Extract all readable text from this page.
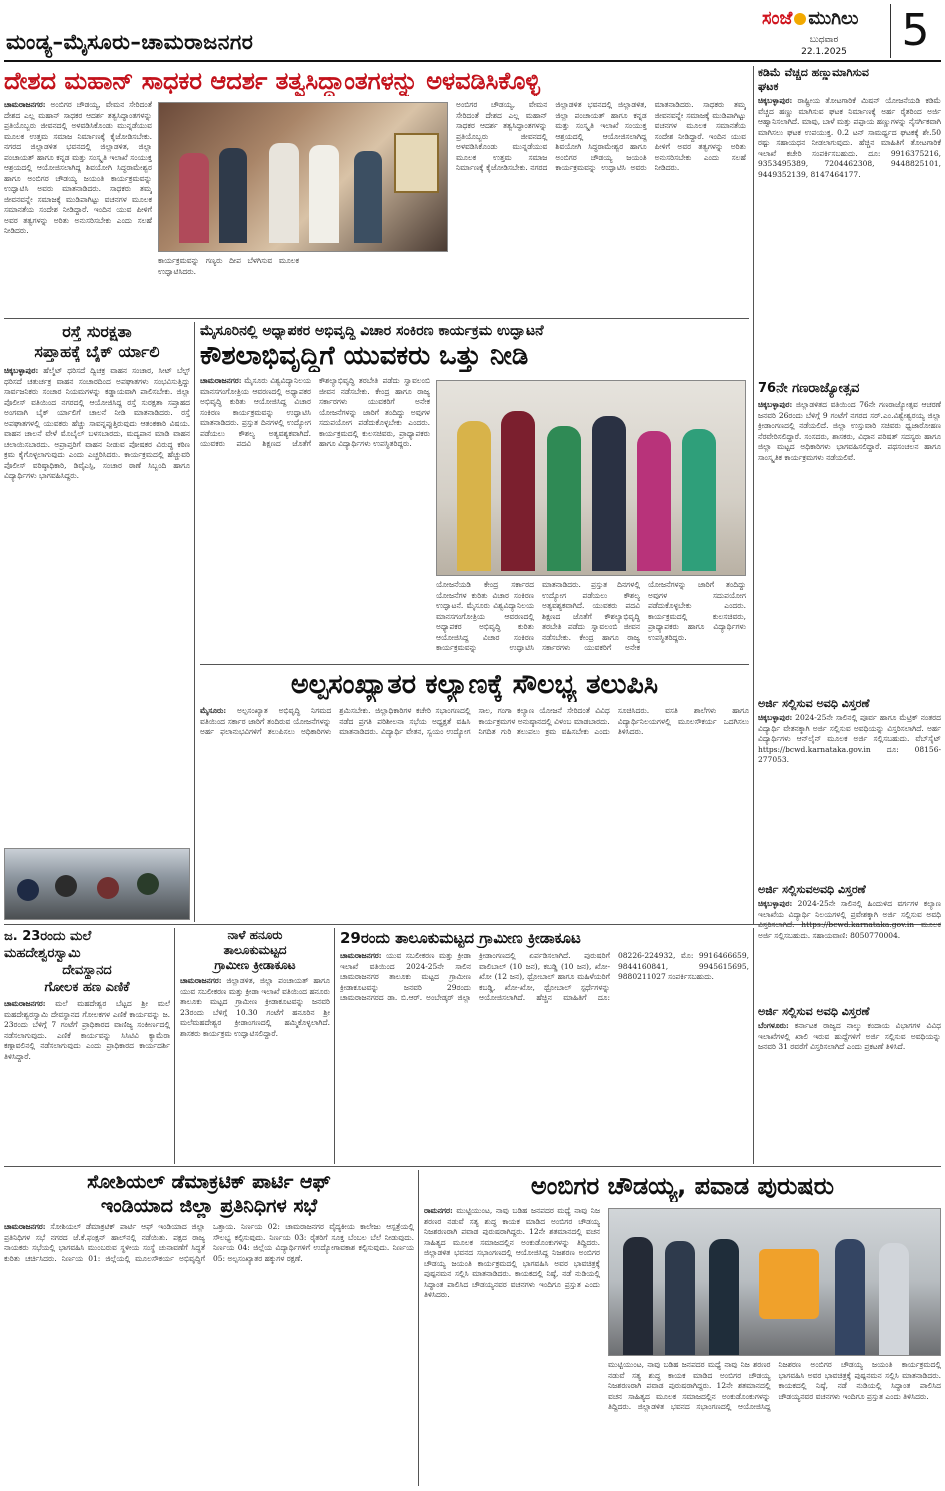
ಮಂಡ್ಯ–ಮೈಸೂರು–ಚಾಮರಾಜನಗರ
ಸಂಜೆ ಮುಗಿಲು
ಬುಧವಾರ
22.1.2025	5
ದೇಶದ ಮಹಾನ್ ಸಾಧಕರ ಆದರ್ಶ ತತ್ವಸಿದ್ದಾಂತಗಳನ್ನು ಅಳವಡಿಸಿಕೊಳ್ಳಿ
ಚಾಮರಾಜನಗರ: ಅಂಬಿಗರ ಚೌಡಯ್ಯ, ವೇಮನ ಸೇರಿದಂತೆ ದೇಶದ ಎಲ್ಲ ಮಹಾನ್ ಸಾಧಕರ ಆದರ್ಶ ತತ್ವಸಿದ್ಧಾಂತಗಳನ್ನು ಪ್ರತಿಯೊಬ್ಬರು ಜೀವನದಲ್ಲಿ ಅಳವಡಿಸಿಕೊಂಡು ಮುನ್ನಡೆಯುವ ಮೂಲಕ ಉತ್ತಮ ಸಮಾಜ ನಿರ್ಮಾಣಕ್ಕೆ ಕೈಜೋಡಿಸಬೇಕು. ನಗರದ ಜಿಲ್ಲಾಡಳಿತ ಭವನದಲ್ಲಿ ಜಿಲ್ಲಾಡಳಿತ, ಜಿಲ್ಲಾ ಪಂಚಾಯತ್ ಹಾಗೂ ಕನ್ನಡ ಮತ್ತು ಸಂಸ್ಕೃತಿ ಇಲಾಖೆ ಸಂಯುಕ್ತ ಆಶ್ರಯದಲ್ಲಿ ಆಯೋಜಿಸಲಾಗಿದ್ದ ಶಿವಯೋಗಿ ಸಿದ್ಧರಾಮೇಶ್ವರ ಹಾಗೂ ಅಂಬಿಗರ ಚೌಡಯ್ಯ ಜಯಂತಿ ಕಾರ್ಯಕ್ರಮವನ್ನು ಉದ್ಘಾಟಿಸಿ ಅವರು ಮಾತನಾಡಿದರು. ಸಾಧಕರು ತಮ್ಮ ಜೀವನವನ್ನೇ ಸಮಾಜಕ್ಕೆ ಮುಡಿಪಾಗಿಟ್ಟು ವಚನಗಳ ಮೂಲಕ ಸಮಾನತೆಯ ಸಂದೇಶ ನೀಡಿದ್ದಾರೆ. ಇಂದಿನ ಯುವ ಪೀಳಿಗೆ ಅವರ ತತ್ವಗಳನ್ನು ಅರಿತು ಅನುಸರಿಸಬೇಕು ಎಂದು ಸಲಹೆ ನೀಡಿದರು.
ಕಾರ್ಯಕ್ರಮವನ್ನು ಗಣ್ಯರು ದೀಪ ಬೆಳಗಿಸುವ ಮೂಲಕ ಉದ್ಘಾಟಿಸಿದರು.
ಅಂಬಿಗರ ಚೌಡಯ್ಯ, ವೇಮನ ಸೇರಿದಂತೆ ದೇಶದ ಎಲ್ಲ ಮಹಾನ್ ಸಾಧಕರ ಆದರ್ಶ ತತ್ವಸಿದ್ಧಾಂತಗಳನ್ನು ಪ್ರತಿಯೊಬ್ಬರು ಜೀವನದಲ್ಲಿ ಅಳವಡಿಸಿಕೊಂಡು ಮುನ್ನಡೆಯುವ ಮೂಲಕ ಉತ್ತಮ ಸಮಾಜ ನಿರ್ಮಾಣಕ್ಕೆ ಕೈಜೋಡಿಸಬೇಕು. ನಗರದ ಜಿಲ್ಲಾಡಳಿತ ಭವನದಲ್ಲಿ ಜಿಲ್ಲಾಡಳಿತ, ಜಿಲ್ಲಾ ಪಂಚಾಯತ್ ಹಾಗೂ ಕನ್ನಡ ಮತ್ತು ಸಂಸ್ಕೃತಿ ಇಲಾಖೆ ಸಂಯುಕ್ತ ಆಶ್ರಯದಲ್ಲಿ ಆಯೋಜಿಸಲಾಗಿದ್ದ ಶಿವಯೋಗಿ ಸಿದ್ಧರಾಮೇಶ್ವರ ಹಾಗೂ ಅಂಬಿಗರ ಚೌಡಯ್ಯ ಜಯಂತಿ ಕಾರ್ಯಕ್ರಮವನ್ನು ಉದ್ಘಾಟಿಸಿ ಅವರು ಮಾತನಾಡಿದರು. ಸಾಧಕರು ತಮ್ಮ ಜೀವನವನ್ನೇ ಸಮಾಜಕ್ಕೆ ಮುಡಿಪಾಗಿಟ್ಟು ವಚನಗಳ ಮೂಲಕ ಸಮಾನತೆಯ ಸಂದೇಶ ನೀಡಿದ್ದಾರೆ. ಇಂದಿನ ಯುವ ಪೀಳಿಗೆ ಅವರ ತತ್ವಗಳನ್ನು ಅರಿತು ಅನುಸರಿಸಬೇಕು ಎಂದು ಸಲಹೆ ನೀಡಿದರು.
ರಸ್ತೆ ಸುರಕ್ಷತಾ
ಸಪ್ತಾಹಕ್ಕೆ ಬೈಕ್ ರ್ಯಾಲಿ
ಚಿಕ್ಕಬಳ್ಳಾಪುರ: ಹೆಲ್ಮೆಟ್ ಧರಿಸದೆ ದ್ವಿಚಕ್ರ ವಾಹನ ಸಂಚಾರ, ಸೀಟ್ ಬೆಲ್ಟ್ ಧರಿಸದೆ ಚತುರ್ಚಕ್ರ ವಾಹನ ಸಂಚಾರದಿಂದ ಅಪಘಾತಗಳು ಸಂಭವಿಸುತ್ತಿದ್ದು ಸಾರ್ವಜನಿಕರು ಸಂಚಾರ ನಿಯಮಗಳನ್ನು ಕಡ್ಡಾಯವಾಗಿ ಪಾಲಿಸಬೇಕು. ಜಿಲ್ಲಾ ಪೊಲೀಸ್ ವತಿಯಿಂದ ನಗರದಲ್ಲಿ ಆಯೋಜಿಸಿದ್ದ ರಸ್ತೆ ಸುರಕ್ಷತಾ ಸಪ್ತಾಹದ ಅಂಗವಾಗಿ ಬೈಕ್ ರ್ಯಾಲಿಗೆ ಚಾಲನೆ ನೀಡಿ ಮಾತನಾಡಿದರು. ರಸ್ತೆ ಅಪಘಾತಗಳಲ್ಲಿ ಯುವಕರು ಹೆಚ್ಚು ಸಾವನ್ನಪ್ಪುತ್ತಿರುವುದು ಆತಂಕಕಾರಿ ವಿಷಯ. ವಾಹನ ಚಾಲನೆ ವೇಳೆ ಮೊಬೈಲ್ ಬಳಸಬಾರದು, ಮದ್ಯಪಾನ ಮಾಡಿ ವಾಹನ ಚಲಾಯಿಸಬಾರದು. ಅಪ್ರಾಪ್ತರಿಗೆ ವಾಹನ ನೀಡುವ ಪೋಷಕರ ವಿರುದ್ಧ ಕಠಿಣ ಕ್ರಮ ಕೈಗೊಳ್ಳಲಾಗುವುದು ಎಂದು ಎಚ್ಚರಿಸಿದರು. ಕಾರ್ಯಕ್ರಮದಲ್ಲಿ ಹೆಚ್ಚುವರಿ ಪೊಲೀಸ್ ವರಿಷ್ಠಾಧಿಕಾರಿ, ಡಿವೈಎಸ್ಪಿ, ಸಂಚಾರ ಠಾಣೆ ಸಿಬ್ಬಂದಿ ಹಾಗೂ ವಿದ್ಯಾರ್ಥಿಗಳು ಭಾಗವಹಿಸಿದ್ದರು.
ಮೈಸೂರಿನಲ್ಲಿ ಅಧ್ಯಾಪಕರ ಅಭಿವೃದ್ಧಿ ವಿಚಾರ ಸಂಕಿರಣ ಕಾರ್ಯಕ್ರಮ ಉದ್ಘಾಟನೆ
ಕೌಶಲಾಭಿವೃದ್ಧಿಗೆ ಯುವಕರು ಒತ್ತು ನೀಡಿ
ಚಾಮರಾಜನಗರ: ಮೈಸೂರು ವಿಶ್ವವಿದ್ಯಾನಿಲಯ ಮಾನಸಗಂಗೋತ್ರಿಯ ಆವರಣದಲ್ಲಿ ಅಧ್ಯಾಪಕರ ಅಭಿವೃದ್ಧಿ ಕುರಿತು ಆಯೋಜಿಸಿದ್ದ ವಿಚಾರ ಸಂಕಿರಣ ಕಾರ್ಯಕ್ರಮವನ್ನು ಉದ್ಘಾಟಿಸಿ ಮಾತನಾಡಿದರು. ಪ್ರಸ್ತುತ ದಿನಗಳಲ್ಲಿ ಉದ್ಯೋಗ ಪಡೆಯಲು ಕೌಶಲ್ಯ ಅತ್ಯವಶ್ಯಕವಾಗಿದೆ. ಯುವಕರು ಪದವಿ ಶಿಕ್ಷಣದ ಜೊತೆಗೆ ಕೌಶಲ್ಯಾಭಿವೃದ್ಧಿ ತರಬೇತಿ ಪಡೆದು ಸ್ವಾವಲಂಬಿ ಜೀವನ ನಡೆಸಬೇಕು. ಕೇಂದ್ರ ಹಾಗೂ ರಾಜ್ಯ ಸರ್ಕಾರಗಳು ಯುವಕರಿಗೆ ಅನೇಕ ಯೋಜನೆಗಳನ್ನು ಜಾರಿಗೆ ತಂದಿದ್ದು ಅವುಗಳ ಸದುಪಯೋಗ ಪಡೆದುಕೊಳ್ಳಬೇಕು ಎಂದರು. ಕಾರ್ಯಕ್ರಮದಲ್ಲಿ ಕುಲಸಚಿವರು, ಪ್ರಾಧ್ಯಾಪಕರು ಹಾಗೂ ವಿದ್ಯಾರ್ಥಿಗಳು ಉಪಸ್ಥಿತರಿದ್ದರು.
ಯೋಜನೆಯಡಿ ಕೇಂದ್ರ ಸರ್ಕಾರದ ಯೋಜನೆಗಳ ಕುರಿತು ವಿಚಾರ ಸಂಕಿರಣ ಉದ್ಘಾಟನೆ. ಮೈಸೂರು ವಿಶ್ವವಿದ್ಯಾನಿಲಯ ಮಾನಸಗಂಗೋತ್ರಿಯ ಆವರಣದಲ್ಲಿ ಅಧ್ಯಾಪಕರ ಅಭಿವೃದ್ಧಿ ಕುರಿತು ಆಯೋಜಿಸಿದ್ದ ವಿಚಾರ ಸಂಕಿರಣ ಕಾರ್ಯಕ್ರಮವನ್ನು ಉದ್ಘಾಟಿಸಿ ಮಾತನಾಡಿದರು. ಪ್ರಸ್ತುತ ದಿನಗಳಲ್ಲಿ ಉದ್ಯೋಗ ಪಡೆಯಲು ಕೌಶಲ್ಯ ಅತ್ಯವಶ್ಯಕವಾಗಿದೆ. ಯುವಕರು ಪದವಿ ಶಿಕ್ಷಣದ ಜೊತೆಗೆ ಕೌಶಲ್ಯಾಭಿವೃದ್ಧಿ ತರಬೇತಿ ಪಡೆದು ಸ್ವಾವಲಂಬಿ ಜೀವನ ನಡೆಸಬೇಕು. ಕೇಂದ್ರ ಹಾಗೂ ರಾಜ್ಯ ಸರ್ಕಾರಗಳು ಯುವಕರಿಗೆ ಅನೇಕ ಯೋಜನೆಗಳನ್ನು ಜಾರಿಗೆ ತಂದಿದ್ದು ಅವುಗಳ ಸದುಪಯೋಗ ಪಡೆದುಕೊಳ್ಳಬೇಕು ಎಂದರು. ಕಾರ್ಯಕ್ರಮದಲ್ಲಿ ಕುಲಸಚಿವರು, ಪ್ರಾಧ್ಯಾಪಕರು ಹಾಗೂ ವಿದ್ಯಾರ್ಥಿಗಳು ಉಪಸ್ಥಿತರಿದ್ದರು.
ಅಲ್ಪಸಂಖ್ಯಾತರ ಕಲ್ಯಾಣಕ್ಕೆ ಸೌಲಭ್ಯ ತಲುಪಿಸಿ
ಮೈಸೂರು: ಅಲ್ಪಸಂಖ್ಯಾತ ಅಭಿವೃದ್ಧಿ ನಿಗಮದ ವತಿಯಿಂದ ಸರ್ಕಾರ ಜಾರಿಗೆ ತಂದಿರುವ ಯೋಜನೆಗಳನ್ನು ಅರ್ಹ ಫಲಾನುಭವಿಗಳಿಗೆ ತಲುಪಿಸಲು ಅಧಿಕಾರಿಗಳು ಶ್ರಮಿಸಬೇಕು. ಜಿಲ್ಲಾಧಿಕಾರಿಗಳ ಕಚೇರಿ ಸಭಾಂಗಣದಲ್ಲಿ ನಡೆದ ಪ್ರಗತಿ ಪರಿಶೀಲನಾ ಸಭೆಯ ಅಧ್ಯಕ್ಷತೆ ವಹಿಸಿ ಮಾತನಾಡಿದರು. ವಿದ್ಯಾರ್ಥಿ ವೇತನ, ಸ್ವಯಂ ಉದ್ಯೋಗ ಸಾಲ, ಗಂಗಾ ಕಲ್ಯಾಣ ಯೋಜನೆ ಸೇರಿದಂತೆ ವಿವಿಧ ಕಾರ್ಯಕ್ರಮಗಳ ಅನುಷ್ಠಾನದಲ್ಲಿ ವಿಳಂಬ ಮಾಡಬಾರದು. ನಿಗದಿತ ಗುರಿ ತಲುಪಲು ಕ್ರಮ ವಹಿಸಬೇಕು ಎಂದು ಸೂಚಿಸಿದರು. ವಸತಿ ಶಾಲೆಗಳು ಹಾಗೂ ವಿದ್ಯಾರ್ಥಿನಿಲಯಗಳಲ್ಲಿ ಮೂಲಸೌಕರ್ಯ ಒದಗಿಸಲು ತಿಳಿಸಿದರು.
ಕಡಿಮೆ ವೆಚ್ಚದ ಹಣ್ಣುಮಾಗಿಸುವ
ಘಟಕ
ಚಿಕ್ಕಬಳ್ಳಾಪುರ: ರಾಷ್ಟ್ರೀಯ ತೋಟಗಾರಿಕೆ ಮಿಷನ್ ಯೋಜನೆಯಡಿ ಕಡಿಮೆ ವೆಚ್ಚದ ಹಣ್ಣು ಮಾಗಿಸುವ ಘಟಕ ನಿರ್ಮಾಣಕ್ಕೆ ಅರ್ಹ ರೈತರಿಂದ ಅರ್ಜಿ ಆಹ್ವಾನಿಸಲಾಗಿದೆ. ಮಾವು, ಬಾಳೆ ಮತ್ತು ಪಪ್ಪಾಯ ಹಣ್ಣುಗಳನ್ನು ನೈಸರ್ಗಿಕವಾಗಿ ಮಾಗಿಸಲು ಘಟಕ ಉಪಯುಕ್ತ. 0.2 ಟನ್ ಸಾಮರ್ಥ್ಯದ ಘಟಕಕ್ಕೆ ಶೇ.50 ರಷ್ಟು ಸಹಾಯಧನ ನೀಡಲಾಗುವುದು. ಹೆಚ್ಚಿನ ಮಾಹಿತಿಗೆ ತೋಟಗಾರಿಕೆ ಇಲಾಖೆ ಕಚೇರಿ ಸಂಪರ್ಕಿಸಬಹುದು. ದೂ: 9916375216, 9353495389, 7204462308, 9448825101, 9449352139, 8147464177.
76ನೇ ಗಣರಾಜ್ಯೋತ್ಸವ
ಚಿಕ್ಕಬಳ್ಳಾಪುರ: ಜಿಲ್ಲಾಡಳಿತದ ವತಿಯಿಂದ 76ನೇ ಗಣರಾಜ್ಯೋತ್ಸವ ಆಚರಣೆ ಜನವರಿ 26ರಂದು ಬೆಳಿಗ್ಗೆ 9 ಗಂಟೆಗೆ ನಗರದ ಸರ್.ಎಂ.ವಿಶ್ವೇಶ್ವರಯ್ಯ ಜಿಲ್ಲಾ ಕ್ರೀಡಾಂಗಣದಲ್ಲಿ ನಡೆಯಲಿದೆ. ಜಿಲ್ಲಾ ಉಸ್ತುವಾರಿ ಸಚಿವರು ಧ್ವಜಾರೋಹಣ ನೆರವೇರಿಸಲಿದ್ದಾರೆ. ಸಂಸದರು, ಶಾಸಕರು, ವಿಧಾನ ಪರಿಷತ್ ಸದಸ್ಯರು ಹಾಗೂ ಜಿಲ್ಲಾ ಮಟ್ಟದ ಅಧಿಕಾರಿಗಳು ಭಾಗವಹಿಸಲಿದ್ದಾರೆ. ಪಥಸಂಚಲನ ಹಾಗೂ ಸಾಂಸ್ಕೃತಿಕ ಕಾರ್ಯಕ್ರಮಗಳು ನಡೆಯಲಿವೆ.
ಅರ್ಜಿ ಸಲ್ಲಿಸುವ ಅವಧಿ ವಿಸ್ತರಣೆ
ಚಿಕ್ಕಬಳ್ಳಾಪುರ: 2024-25ನೇ ಸಾಲಿನಲ್ಲಿ ಪೂರ್ವ ಹಾಗೂ ಮೆಟ್ರಿಕ್ ನಂತರದ ವಿದ್ಯಾರ್ಥಿ ವೇತನಕ್ಕಾಗಿ ಅರ್ಜಿ ಸಲ್ಲಿಸುವ ಅವಧಿಯನ್ನು ವಿಸ್ತರಿಸಲಾಗಿದೆ. ಅರ್ಹ ವಿದ್ಯಾರ್ಥಿಗಳು ಆನ್‌ಲೈನ್ ಮೂಲಕ ಅರ್ಜಿ ಸಲ್ಲಿಸಬಹುದು. ವೆಬ್‌ಸೈಟ್ https://bcwd.karnataka.gov.in ದೂ: 08156-277053.
ಜ. 23ರಂದು ಮಲೆ
ಮಹದೇಶ್ವರಸ್ವಾಮಿ
ದೇವಸ್ಥಾನದ
ಗೋಲಕ ಹಣ ಎಣಿಕೆ
ಚಾಮರಾಜನಗರ: ಮಲೆ ಮಹದೇಶ್ವರ ಬೆಟ್ಟದ ಶ್ರೀ ಮಲೆ ಮಹದೇಶ್ವರಸ್ವಾಮಿ ದೇವಸ್ಥಾನದ ಗೋಲಕಗಳ ಎಣಿಕೆ ಕಾರ್ಯವನ್ನು ಜ. 23ರಂದು ಬೆಳಿಗ್ಗೆ 7 ಗಂಟೆಗೆ ಪ್ರಾಧಿಕಾರದ ವಾಣಿಜ್ಯ ಸಂಕೀರ್ಣದಲ್ಲಿ ನಡೆಸಲಾಗುವುದು. ಎಣಿಕೆ ಕಾರ್ಯವನ್ನು ಸಿಸಿಟಿವಿ ಕ್ಯಾಮೆರಾ ಕಣ್ಗಾವಲಿನಲ್ಲಿ ನಡೆಸಲಾಗುವುದು ಎಂದು ಪ್ರಾಧಿಕಾರದ ಕಾರ್ಯದರ್ಶಿ ತಿಳಿಸಿದ್ದಾರೆ.
ನಾಳೆ ಹನೂರು
ತಾಲೂಕುಮಟ್ಟದ
ಗ್ರಾಮೀಣ ಕ್ರೀಡಾಕೂಟ
ಚಾಮರಾಜನಗರ: ಜಿಲ್ಲಾಡಳಿತ, ಜಿಲ್ಲಾ ಪಂಚಾಯತ್ ಹಾಗೂ ಯುವ ಸಬಲೀಕರಣ ಮತ್ತು ಕ್ರೀಡಾ ಇಲಾಖೆ ವತಿಯಿಂದ ಹನೂರು ತಾಲೂಕು ಮಟ್ಟದ ಗ್ರಾಮೀಣ ಕ್ರೀಡಾಕೂಟವನ್ನು ಜನವರಿ 23ರಂದು ಬೆಳಿಗ್ಗೆ 10.30 ಗಂಟೆಗೆ ಹನೂರಿನ ಶ್ರೀ ಮಲೆಮಹದೇಶ್ವರ ಕ್ರೀಡಾಂಗಣದಲ್ಲಿ ಹಮ್ಮಿಕೊಳ್ಳಲಾಗಿದೆ. ಶಾಸಕರು ಕಾರ್ಯಕ್ರಮ ಉದ್ಘಾಟಿಸಲಿದ್ದಾರೆ.
29ರಂದು ತಾಲೂಕುಮಟ್ಟದ ಗ್ರಾಮೀಣ ಕ್ರೀಡಾಕೂಟ
ಚಾಮರಾಜನಗರ: ಯುವ ಸಬಲೀಕರಣ ಮತ್ತು ಕ್ರೀಡಾ ಇಲಾಖೆ ವತಿಯಿಂದ 2024-25ನೇ ಸಾಲಿನ ಚಾಮರಾಜನಗರ ತಾಲೂಕು ಮಟ್ಟದ ಗ್ರಾಮೀಣ ಕ್ರೀಡಾಕೂಟವನ್ನು ಜನವರಿ 29ರಂದು ಚಾಮರಾಜನಗರದ ಡಾ. ಬಿ.ಆರ್. ಅಂಬೇಡ್ಕರ್ ಜಿಲ್ಲಾ ಕ್ರೀಡಾಂಗಣದಲ್ಲಿ ಏರ್ಪಡಿಸಲಾಗಿದೆ. ಪುರುಷರಿಗೆ ವಾಲಿಬಾಲ್ (10 ಜನ), ಕಬಡ್ಡಿ (10 ಜನ), ಖೋ-ಖೋ (12 ಜನ), ಥ್ರೋಬಾಲ್ ಹಾಗೂ ಮಹಿಳೆಯರಿಗೆ ಕಬಡ್ಡಿ, ಖೋ-ಖೋ, ಥ್ರೋಬಾಲ್ ಸ್ಪರ್ಧೆಗಳನ್ನು ಆಯೋಜಿಸಲಾಗಿದೆ. ಹೆಚ್ಚಿನ ಮಾಹಿತಿಗೆ ದೂ: 08226-224932, ಮೊ: 9916466659, 9844160841, 9945615695, 9880211027 ಸಂಪರ್ಕಿಸಬಹುದು.
ಅರ್ಜಿ ಸಲ್ಲಿಸುವಅವಧಿ ವಿಸ್ತರಣೆ
ಚಿಕ್ಕಬಳ್ಳಾಪುರ: 2024-25ನೇ ಸಾಲಿನಲ್ಲಿ ಹಿಂದುಳಿದ ವರ್ಗಗಳ ಕಲ್ಯಾಣ ಇಲಾಖೆಯ ವಿದ್ಯಾರ್ಥಿ ನಿಲಯಗಳಲ್ಲಿ ಪ್ರವೇಶಕ್ಕಾಗಿ ಅರ್ಜಿ ಸಲ್ಲಿಸುವ ಅವಧಿ ವಿಸ್ತರಿಸಲಾಗಿದೆ. https://bcwd.karnataka.gov.in ಮೂಲಕ ಅರ್ಜಿ ಸಲ್ಲಿಸಬಹುದು. ಸಹಾಯವಾಣಿ: 8050770004.
ಅರ್ಜಿ ಸಲ್ಲಿಸುವ ಅವಧಿ ವಿಸ್ತರಣೆ
ಬೆಂಗಳೂರು: ಕರ್ನಾಟಕ ರಾಜ್ಯದ ನಾಲ್ಕು ಕಂದಾಯ ವಿಭಾಗಗಳ ವಿವಿಧ ಇಲಾಖೆಗಳಲ್ಲಿ ಖಾಲಿ ಇರುವ ಹುದ್ದೆಗಳಿಗೆ ಅರ್ಜಿ ಸಲ್ಲಿಸುವ ಅವಧಿಯನ್ನು ಜನವರಿ 31 ರವರೆಗೆ ವಿಸ್ತರಿಸಲಾಗಿದೆ ಎಂದು ಪ್ರಕಟಣೆ ತಿಳಿಸಿದೆ.
ಸೋಶಿಯಲ್ ಡೆಮಾಕ್ರಟಿಕ್ ಪಾರ್ಟಿ ಆಫ್
ಇಂಡಿಯಾದ ಜಿಲ್ಲಾ ಪ್ರತಿನಿಧಿಗಳ ಸಭೆ
ಚಾಮರಾಜನಗರ: ಸೋಶಿಯಲ್ ಡೆಮಾಕ್ರಟಿಕ್ ಪಾರ್ಟಿ ಆಫ್ ಇಂಡಿಯಾದ ಜಿಲ್ಲಾ ಪ್ರತಿನಿಧಿಗಳ ಸಭೆ ನಗರದ ಜೆ.ಕೆ.ಫಂಕ್ಷನ್ ಹಾಲ್‌ನಲ್ಲಿ ನಡೆಯಿತು. ಪಕ್ಷದ ರಾಜ್ಯ ನಾಯಕರು ಸಭೆಯಲ್ಲಿ ಭಾಗವಹಿಸಿ ಮುಂಬರುವ ಸ್ಥಳೀಯ ಸಂಸ್ಥೆ ಚುನಾವಣೆಗೆ ಸಿದ್ಧತೆ ಕುರಿತು ಚರ್ಚಿಸಿದರು. ನಿರ್ಣಯ 01: ಜಿಲ್ಲೆಯಲ್ಲಿ ಮೂಲಸೌಕರ್ಯ ಅಭಿವೃದ್ಧಿಗೆ ಒತ್ತಾಯ. ನಿರ್ಣಯ 02: ಚಾಮರಾಜನಗರ ವೈದ್ಯಕೀಯ ಕಾಲೇಜು ಆಸ್ಪತ್ರೆಯಲ್ಲಿ ಸೌಲಭ್ಯ ಕಲ್ಪಿಸುವುದು. ನಿರ್ಣಯ 03: ರೈತರಿಗೆ ಸೂಕ್ತ ಬೆಂಬಲ ಬೆಲೆ ನೀಡುವುದು. ನಿರ್ಣಯ 04: ಜಿಲ್ಲೆಯ ವಿದ್ಯಾರ್ಥಿಗಳಿಗೆ ಉದ್ಯೋಗಾವಕಾಶ ಕಲ್ಪಿಸುವುದು. ನಿರ್ಣಯ 05: ಅಲ್ಪಸಂಖ್ಯಾತರ ಹಕ್ಕುಗಳ ರಕ್ಷಣೆ.
ಅಂಬಿಗರ ಚೌಡಯ್ಯ, ಪವಾಡ ಪುರುಷರು
ರಾಮನಗರ: ಮುಟ್ಟಿಯುಂಟ, ನಾವು ಬಡಿಹ ಜನಪದರ ಮಧ್ಯೆ ನಾವು ನಿಜ ಶರಣರ ನಡುವೆ ಸತ್ಯ ಶುದ್ಧ ಕಾಯಕ ಮಾಡಿದ ಅಂಬಿಗರ ಚೌಡಯ್ಯ ನಿಜಶರಣರಾಗಿ ಪವಾಡ ಪುರುಷರಾಗಿದ್ದರು. 12ನೇ ಶತಮಾನದಲ್ಲಿ ವಚನ ಸಾಹಿತ್ಯದ ಮೂಲಕ ಸಮಾಜದಲ್ಲಿನ ಅಂಕುಡೊಂಕುಗಳನ್ನು ತಿದ್ದಿದರು. ಜಿಲ್ಲಾಡಳಿತ ಭವನದ ಸಭಾಂಗಣದಲ್ಲಿ ಆಯೋಜಿಸಿದ್ದ ನಿಜಶರಣ ಅಂಬಿಗರ ಚೌಡಯ್ಯ ಜಯಂತಿ ಕಾರ್ಯಕ್ರಮದಲ್ಲಿ ಭಾಗವಹಿಸಿ ಅವರ ಭಾವಚಿತ್ರಕ್ಕೆ ಪುಷ್ಪನಮನ ಸಲ್ಲಿಸಿ ಮಾತನಾಡಿದರು. ಕಾಯಕದಲ್ಲಿ ನಿಷ್ಠೆ, ನಡೆ ನುಡಿಯಲ್ಲಿ ಸಿದ್ಧಾಂತ ಪಾಲಿಸಿದ ಚೌಡಯ್ಯನವರ ವಚನಗಳು ಇಂದಿಗೂ ಪ್ರಸ್ತುತ ಎಂದು ತಿಳಿಸಿದರು.
ಮುಟ್ಟಿಯುಂಟ, ನಾವು ಬಡಿಹ ಜನಪದರ ಮಧ್ಯೆ ನಾವು ನಿಜ ಶರಣರ ನಡುವೆ ಸತ್ಯ ಶುದ್ಧ ಕಾಯಕ ಮಾಡಿದ ಅಂಬಿಗರ ಚೌಡಯ್ಯ ನಿಜಶರಣರಾಗಿ ಪವಾಡ ಪುರುಷರಾಗಿದ್ದರು. 12ನೇ ಶತಮಾನದಲ್ಲಿ ವಚನ ಸಾಹಿತ್ಯದ ಮೂಲಕ ಸಮಾಜದಲ್ಲಿನ ಅಂಕುಡೊಂಕುಗಳನ್ನು ತಿದ್ದಿದರು. ಜಿಲ್ಲಾಡಳಿತ ಭವನದ ಸಭಾಂಗಣದಲ್ಲಿ ಆಯೋಜಿಸಿದ್ದ ನಿಜಶರಣ ಅಂಬಿಗರ ಚೌಡಯ್ಯ ಜಯಂತಿ ಕಾರ್ಯಕ್ರಮದಲ್ಲಿ ಭಾಗವಹಿಸಿ ಅವರ ಭಾವಚಿತ್ರಕ್ಕೆ ಪುಷ್ಪನಮನ ಸಲ್ಲಿಸಿ ಮಾತನಾಡಿದರು. ಕಾಯಕದಲ್ಲಿ ನಿಷ್ಠೆ, ನಡೆ ನುಡಿಯಲ್ಲಿ ಸಿದ್ಧಾಂತ ಪಾಲಿಸಿದ ಚೌಡಯ್ಯನವರ ವಚನಗಳು ಇಂದಿಗೂ ಪ್ರಸ್ತುತ ಎಂದು ತಿಳಿಸಿದರು.
